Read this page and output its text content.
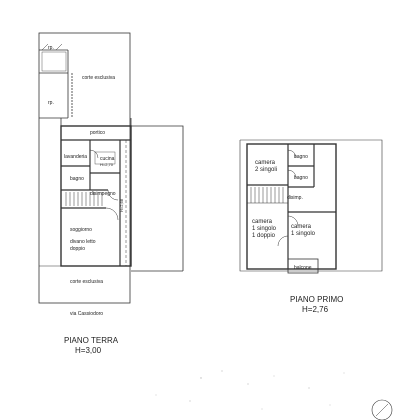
rp.
rp.
corte esclusiva
portico
lavanderia	cucina
H=2,70
bagno
disimpegno
H=2,68
soggiorno
divano letto
doppio
corte esclusiva
via Cassiodoro
PIANO TERRA
H=3,00
bagno
camera
2 singoli
bagno
disimp.
camera
1 singolo
1 doppio
camera
1 singolo
balcone
PIANO PRIMO
H=2,76
